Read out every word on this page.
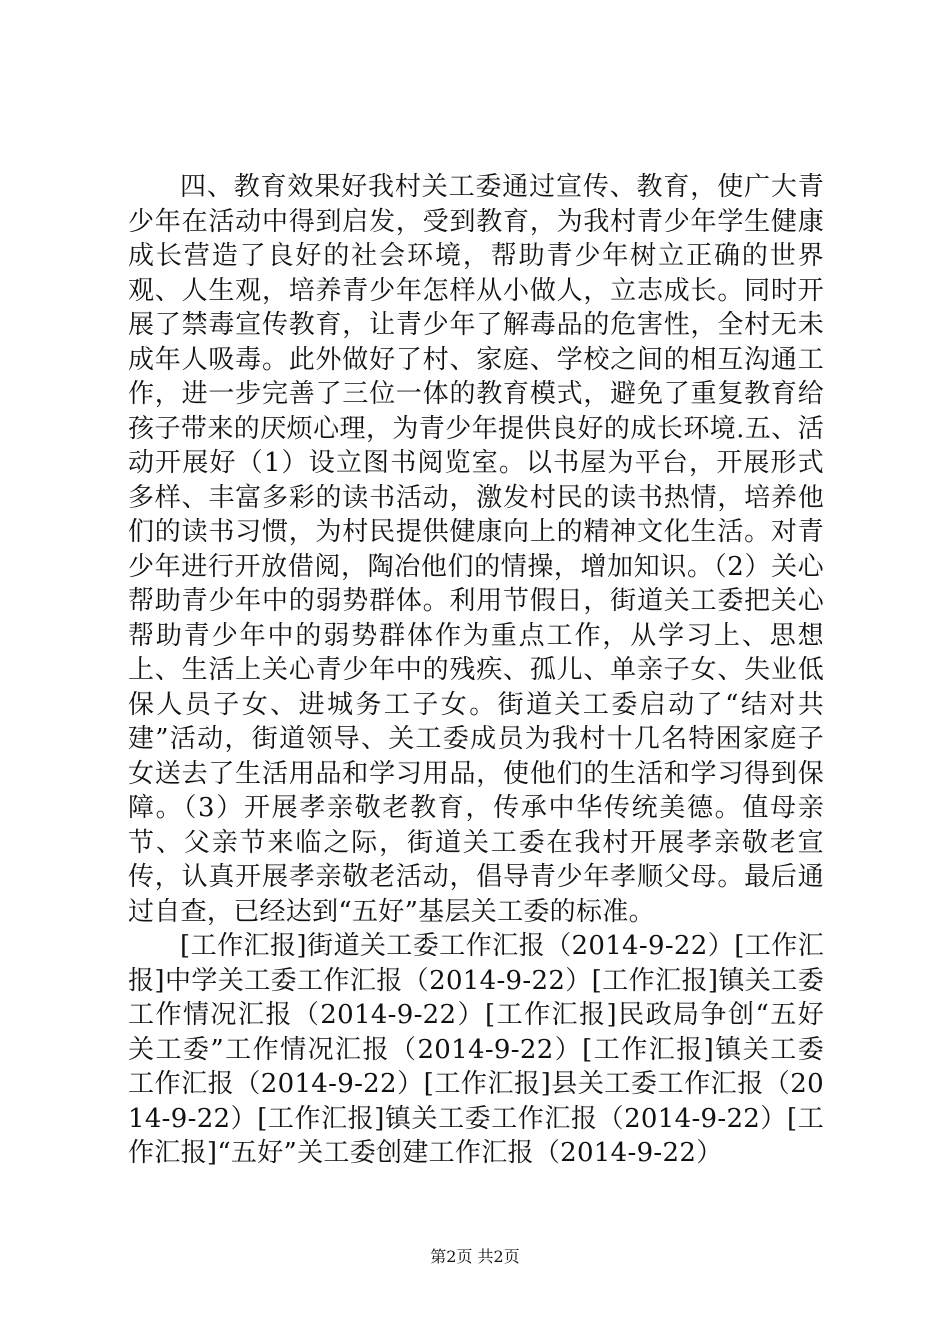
四、教育效果好我村关工委通过宣传、教育，使广大青少年在活动中得到启发，受到教育，为我村青少年学生健康成长营造了良好的社会环境，帮助青少年树立正确的世界观、人生观，培养青少年怎样从小做人，立志成长。同时开展了禁毒宣传教育，让青少年了解毒品的危害性，全村无未成年人吸毒。此外做好了村、家庭、学校之间的相互沟通工作，进一步完善了三位一体的教育模式，避免了重复教育给孩子带来的厌烦心理，为青少年提供良好的成长环境.五、活动开展好（1）设立图书阅览室。以书屋为平台，开展形式多样、丰富多彩的读书活动，激发村民的读书热情，培养他们的读书习惯，为村民提供健康向上的精神文化生活。对青少年进行开放借阅，陶冶他们的情操，增加知识。（2）关心帮助青少年中的弱势群体。利用节假日，街道关工委把关心帮助青少年中的弱势群体作为重点工作，从学习上、思想上、生活上关心青少年中的残疾、孤儿、单亲子女、失业低保人员子女、进城务工子女。街道关工委启动了“结对共建”活动，街道领导、关工委成员为我村十几名特困家庭子女送去了生活用品和学习用品，使他们的生活和学习得到保障。（3）开展孝亲敬老教育，传承中华传统美德。值母亲节、父亲节来临之际，街道关工委在我村开展孝亲敬老宣传，认真开展孝亲敬老活动，倡导青少年孝顺父母。最后通过自查，已经达到“五好”基层关工委的标准。

[工作汇报]街道关工委工作汇报（2014-9-22）[工作汇报]中学关工委工作汇报（2014-9-22）[工作汇报]镇关工委工作情况汇报（2014-9-22）[工作汇报]民政局争创“五好关工委”工作情况汇报（2014-9-22）[工作汇报]镇关工委工作汇报（2014-9-22）[工作汇报]县关工委工作汇报（2014-9-22）[工作汇报]镇关工委工作汇报（2014-9-22）[工作汇报]“五好”关工委创建工作汇报（2014-9-22）

第2页 共2页
